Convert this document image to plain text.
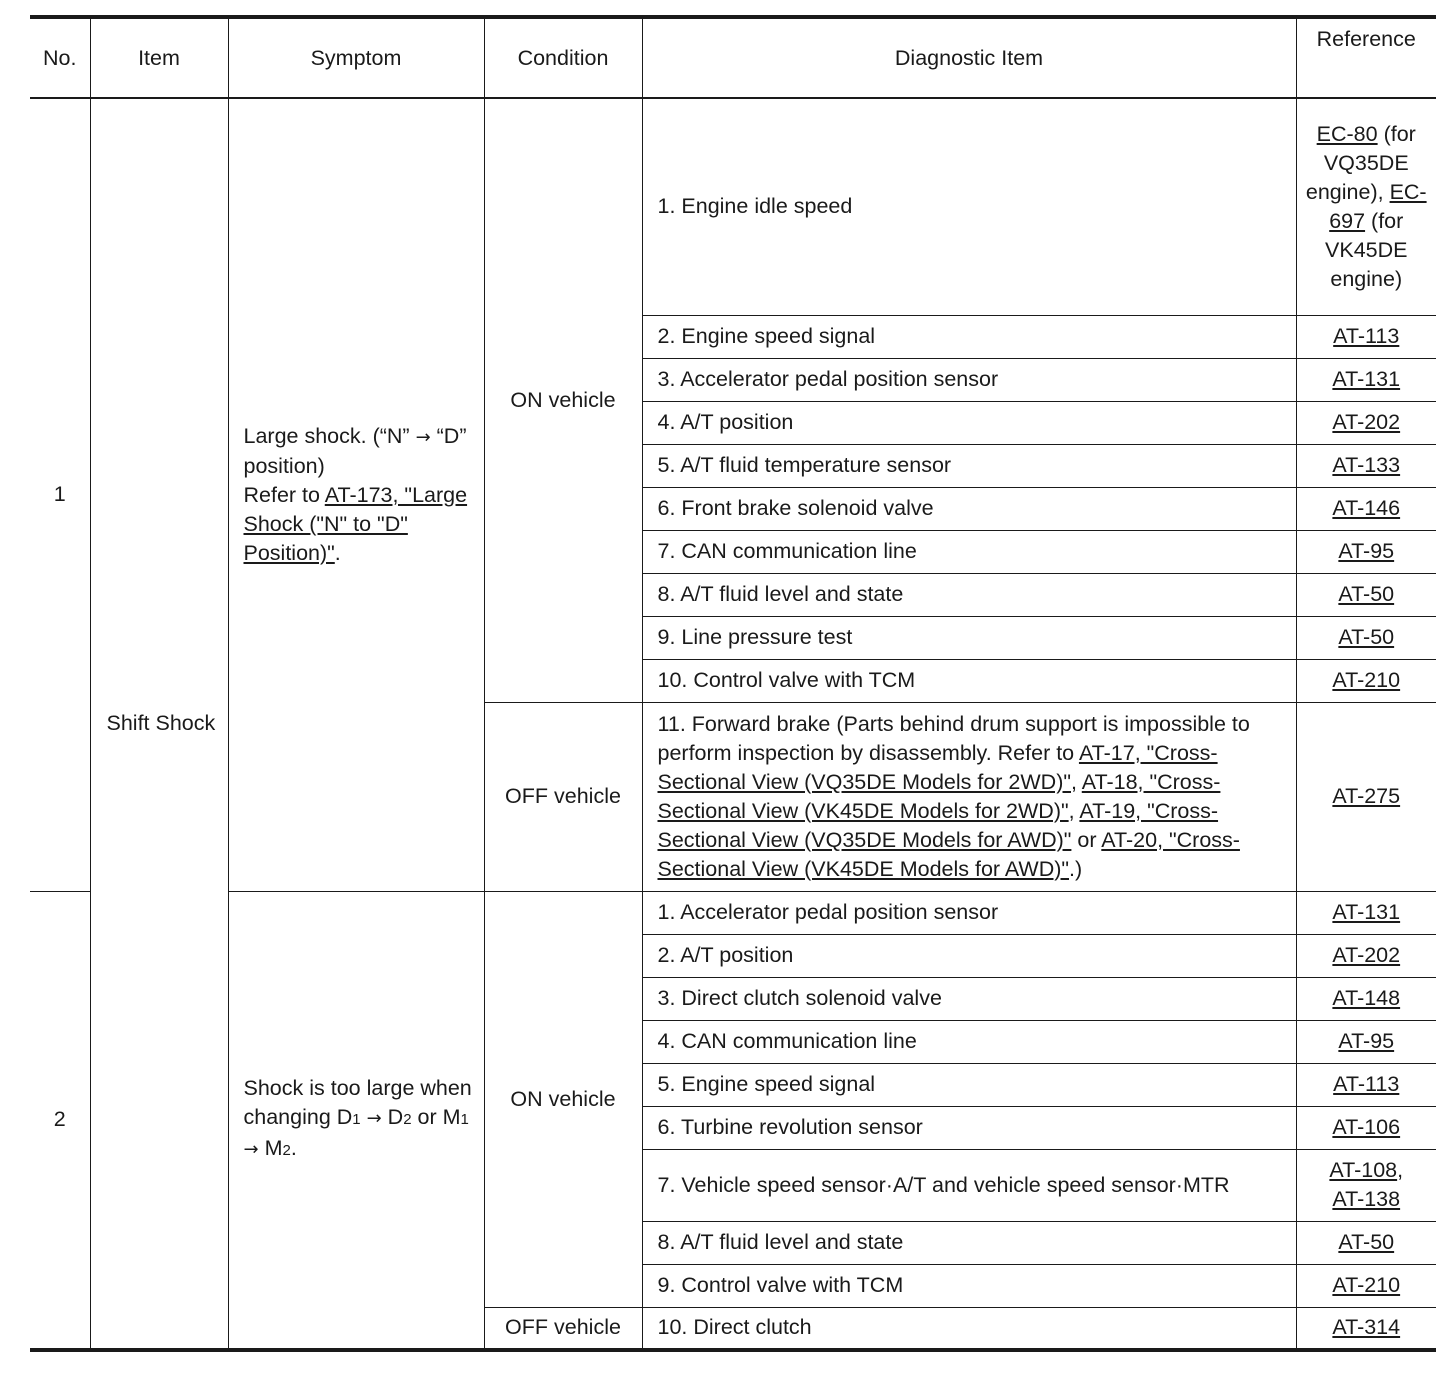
No.	Item	Symptom	Condition	Diagnostic Item	Reference
1	Shift Shock	Large shock. (“N” → “D” position)
Refer to AT-173, "Large Shock ("N" to "D" Position)".	ON vehicle	1. Engine idle speed	EC-80 (for VQ35DE engine), EC-697 (for VK45DE engine)
				2. Engine speed signal	AT-113
				3. Accelerator pedal position sensor	AT-131
				4. A/T position	AT-202
				5. A/T fluid temperature sensor	AT-133
				6. Front brake solenoid valve	AT-146
				7. CAN communication line	AT-95
				8. A/T fluid level and state	AT-50
				9. Line pressure test	AT-50
				10. Control valve with TCM	AT-210
			OFF vehicle	11. Forward brake (Parts behind drum support is impossible to perform inspection by disassembly. Refer to AT-17, "Cross-Sectional View (VQ35DE Models for 2WD)", AT-18, "Cross-Sectional View (VK45DE Models for 2WD)", AT-19, "Cross-Sectional View (VQ35DE Models for AWD)" or AT-20, "Cross-Sectional View (VK45DE Models for AWD)".)	AT-275
2		Shock is too large when changing D1 → D2 or M1 → M2.	ON vehicle	1. Accelerator pedal position sensor	AT-131
				2. A/T position	AT-202
				3. Direct clutch solenoid valve	AT-148
				4. CAN communication line	AT-95
				5. Engine speed signal	AT-113
				6. Turbine revolution sensor	AT-106
				7. Vehicle speed sensor·A/T and vehicle speed sensor·MTR	AT-108,
AT-138
				8. A/T fluid level and state	AT-50
				9. Control valve with TCM	AT-210
			OFF vehicle	10. Direct clutch	AT-314
